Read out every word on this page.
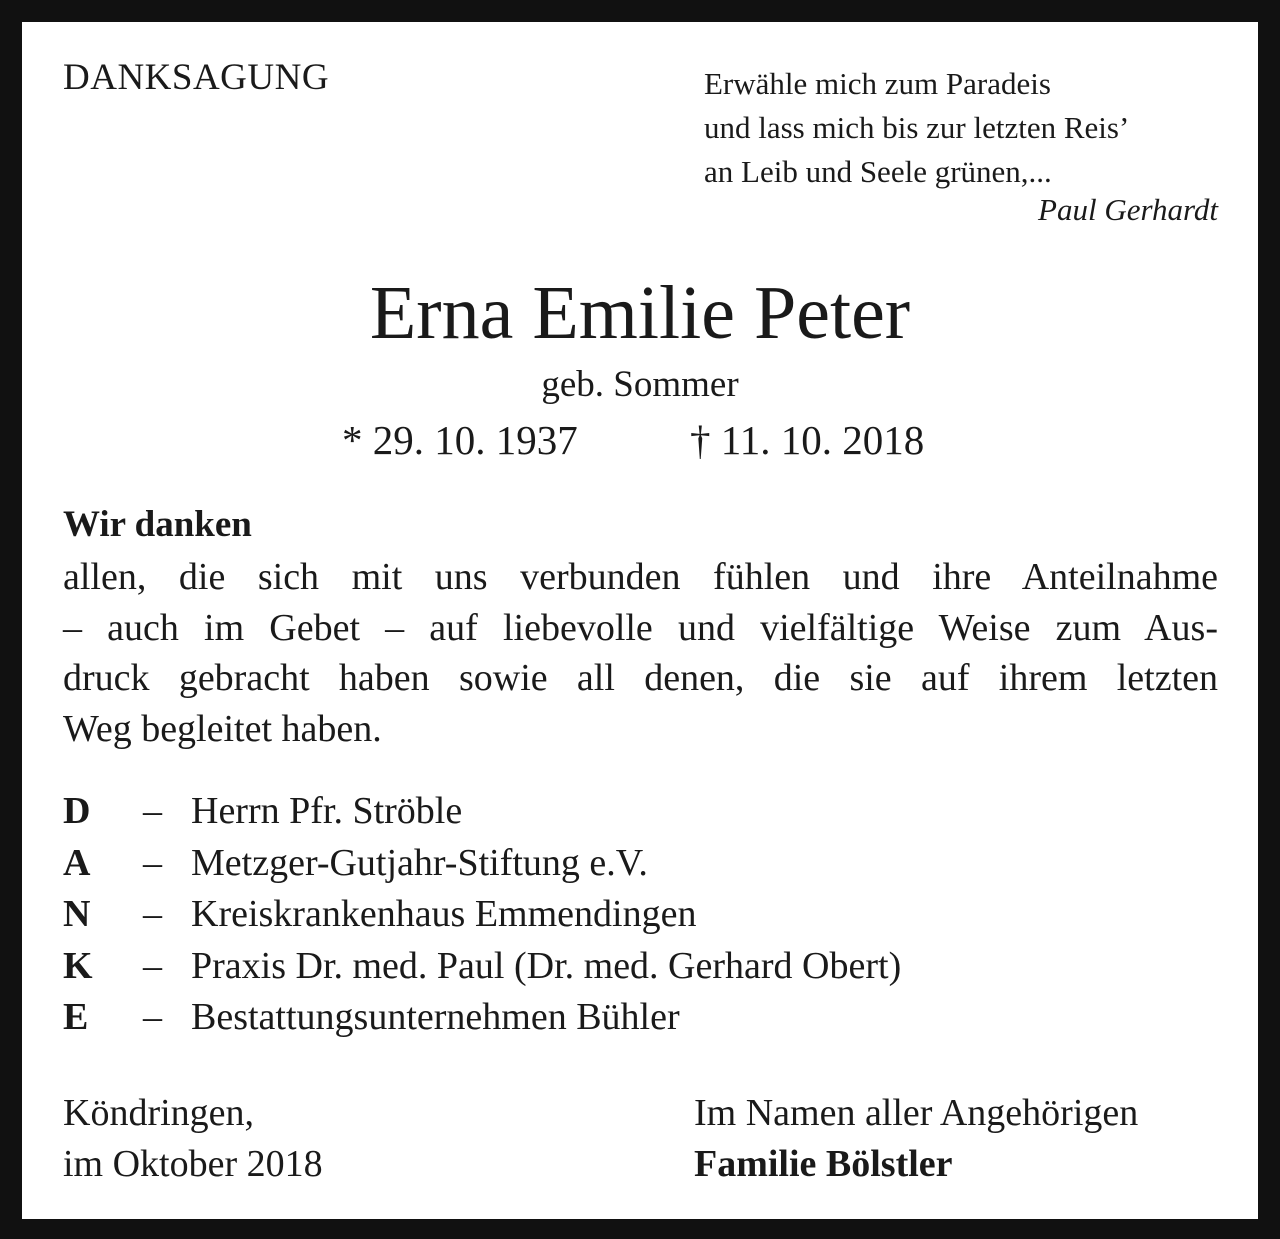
DANKSAGUNG	Erwähle mich zum Paradeis
und lass mich bis zur letzten Reis’
an Leib und Seele grünen,...
Paul Gerhardt
Erna Emilie Peter
geb. Sommer
* 29. 10. 1937	† 11. 10. 2018
Wir danken
allen, die sich mit uns verbunden fühlen und ihre Anteilnahme
– auch im Gebet – auf liebevolle und vielfältige Weise zum Aus-
druck gebracht haben sowie all denen, die sie auf ihrem letzten
Weg begleitet haben.
D	– Herrn Pfr. Ströble
A	– Metzger-Gutjahr-Stiftung e.V.
N	– Kreiskrankenhaus Emmendingen
K	– Praxis Dr. med. Paul (Dr. med. Gerhard Obert)
E	– Bestattungsunternehmen Bühler
Köndringen,
im Oktober 2018
Im Namen aller Angehörigen
Familie Bölstler
